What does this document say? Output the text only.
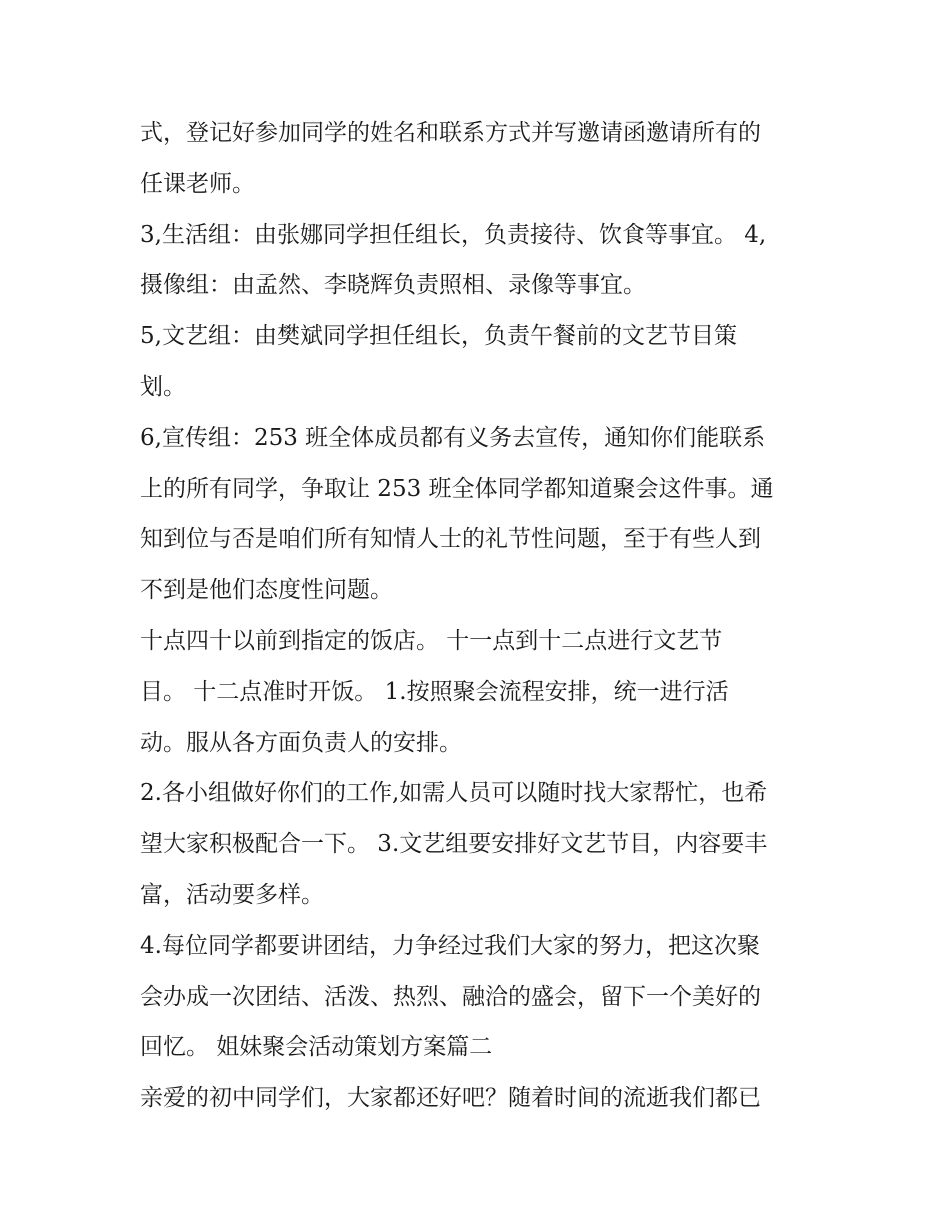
式，登记好参加同学的姓名和联系方式并写邀请函邀请所有的
任课老师。
3,生活组：由张娜同学担任组长，负责接待、饮食等事宜。 4,
摄像组：由孟然、李晓辉负责照相、录像等事宜。
5,文艺组：由樊斌同学担任组长，负责午餐前的文艺节目策
划。
6,宣传组：253 班全体成员都有义务去宣传，通知你们能联系
上的所有同学，争取让 253 班全体同学都知道聚会这件事。通
知到位与否是咱们所有知情人士的礼节性问题，至于有些人到
不到是他们态度性问题。
十点四十以前到指定的饭店。 十一点到十二点进行文艺节
目。 十二点准时开饭。 1.按照聚会流程安排，统一进行活
动。服从各方面负责人的安排。
2.各小组做好你们的工作,如需人员可以随时找大家帮忙，也希
望大家积极配合一下。 3.文艺组要安排好文艺节目，内容要丰
富，活动要多样。
4.每位同学都要讲团结，力争经过我们大家的努力，把这次聚
会办成一次团结、活泼、热烈、融洽的盛会，留下一个美好的
回忆。 姐妹聚会活动策划方案篇二
亲爱的初中同学们，大家都还好吧？随着时间的流逝我们都已
